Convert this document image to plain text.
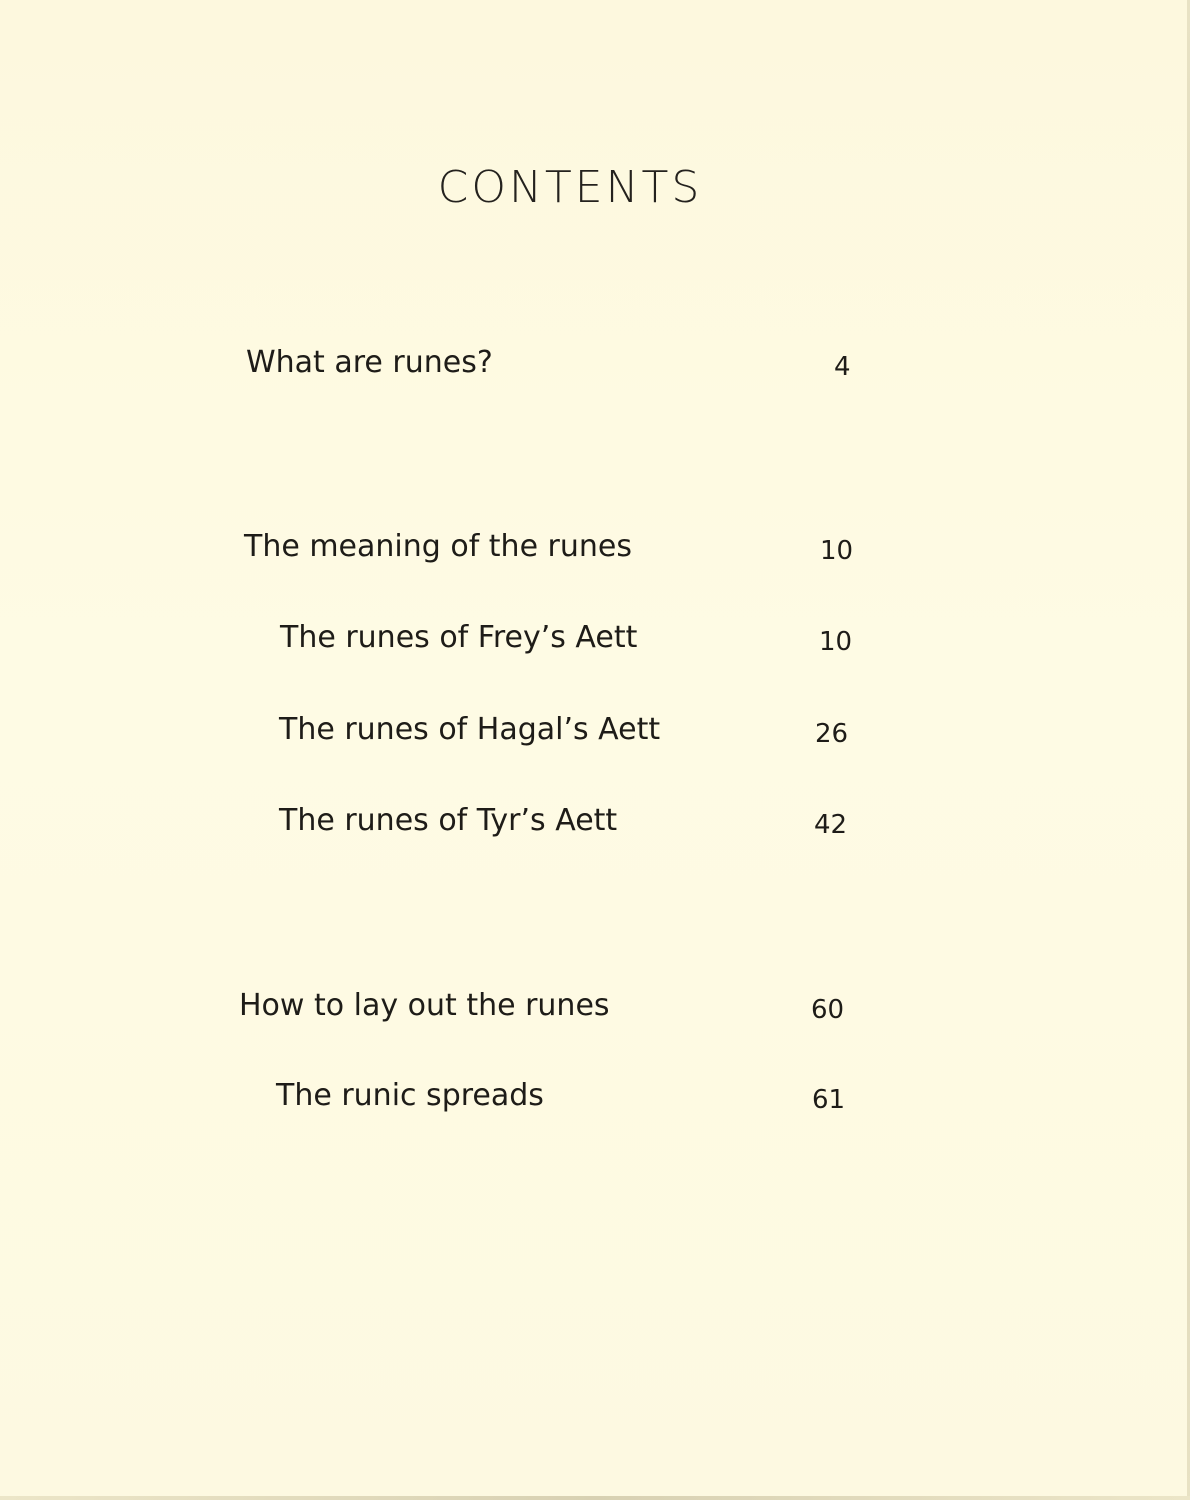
CONTENTS
What are runes?	4
The meaning of the runes	10
The runes of Frey’s Aett	10
The runes of Hagal’s Aett	26
The runes of Tyr’s Aett	42
How to lay out the runes	60
The runic spreads	61
